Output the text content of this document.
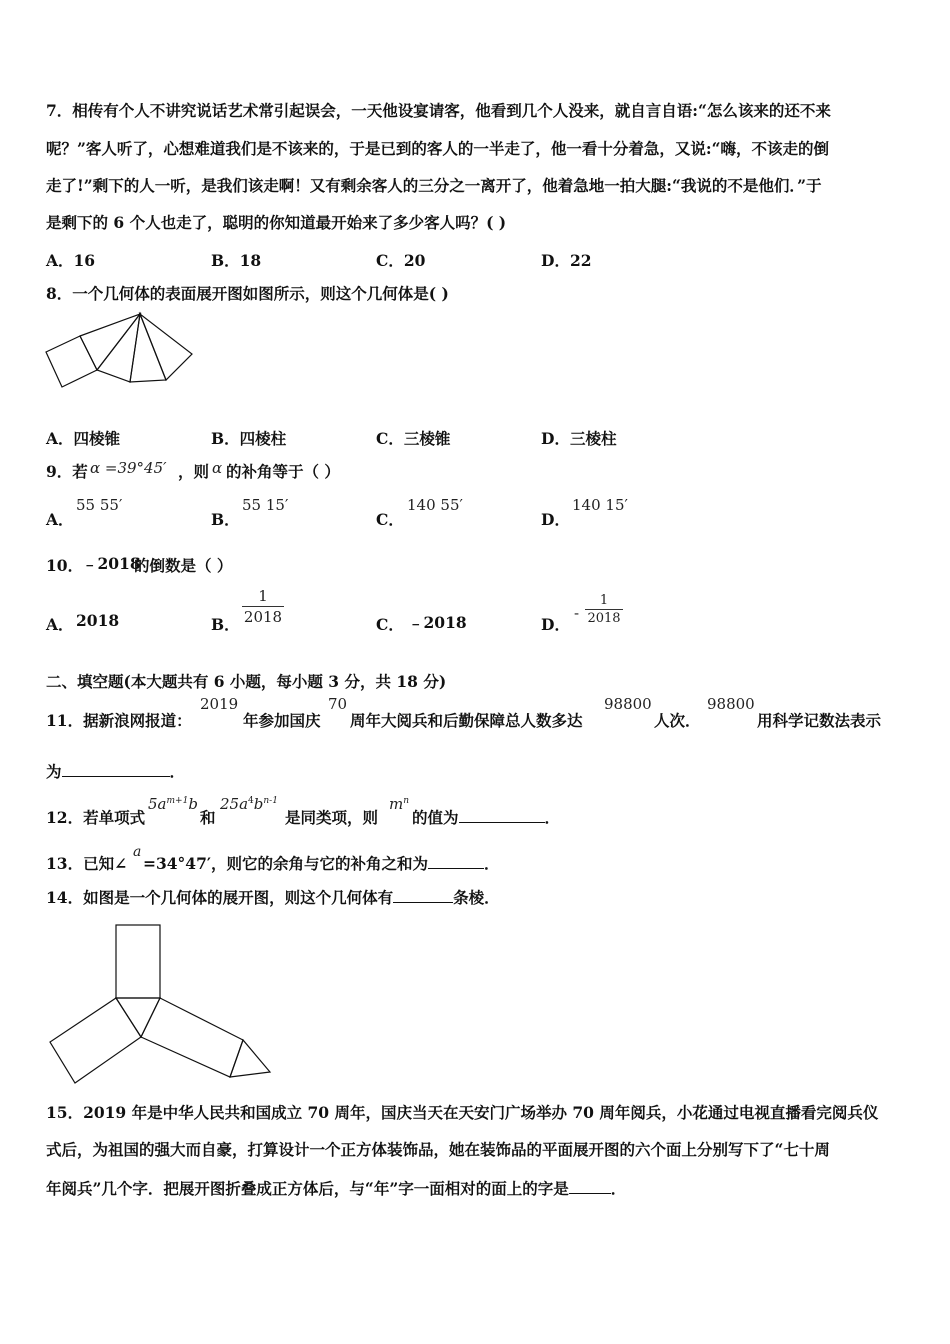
7．相传有个人不讲究说话艺术常引起误会，一天他设宴请客，他看到几个人没来，就自言自语:“怎么该来的还不来
呢？”客人听了，心想难道我们是不该来的，于是已到的客人的一半走了，他一看十分着急，又说:“嗨，不该走的倒
走了!”剩下的人一听，是我们该走啊！又有剩余客人的三分之一离开了，他着急地一拍大腿:“我说的不是他们．”于
是剩下的 6 个人也走了，聪明的你知道最开始来了多少客人吗？( )
A．16	B．18	C．20	D．22
8．一个几何体的表面展开图如图所示，则这个几何体是( )
A．四棱锥	B．四棱柱	C．三棱锥	D．三棱柱
9．若 α =39°45′ ，则 α 的补角等于（ ）
A．
55 55′
B．
55 15′
C．
140 55′
D．
140 15′
10．
﹣2018
的倒数是（ ）
A． 2018	B．
1
2018	C． ﹣2018	D．
-
1
2018
二、填空题(本大题共有 6 小题，每小题 3 分，共 18 分)
11．据新浪网报道：
2019
年参加国庆
70
周年大阅兵和后勤保障总人数多达
98800
人次．
98800
用科学记数法表示
为	．
12．若单项式
$5a^{m+1}b$
和
$25a^4b^{n-1}$
是同类项，则
$m^n$
的值为	．
13．已知∠
a
=34°47′，则它的余角与它的补角之和为	．
14．如图是一个几何体的展开图，则这个几何体有	条棱．
15．2019 年是中华人民共和国成立 70 周年，国庆当天在天安门广场举办 70 周年阅兵，小花通过电视直播看完阅兵仪
式后，为祖国的强大而自豪，打算设计一个正方体装饰品，她在装饰品的平面展开图的六个面上分别写下了“七十周
年阅兵”几个字．把展开图折叠成正方体后，与“年”字一面相对的面上的字是	．
